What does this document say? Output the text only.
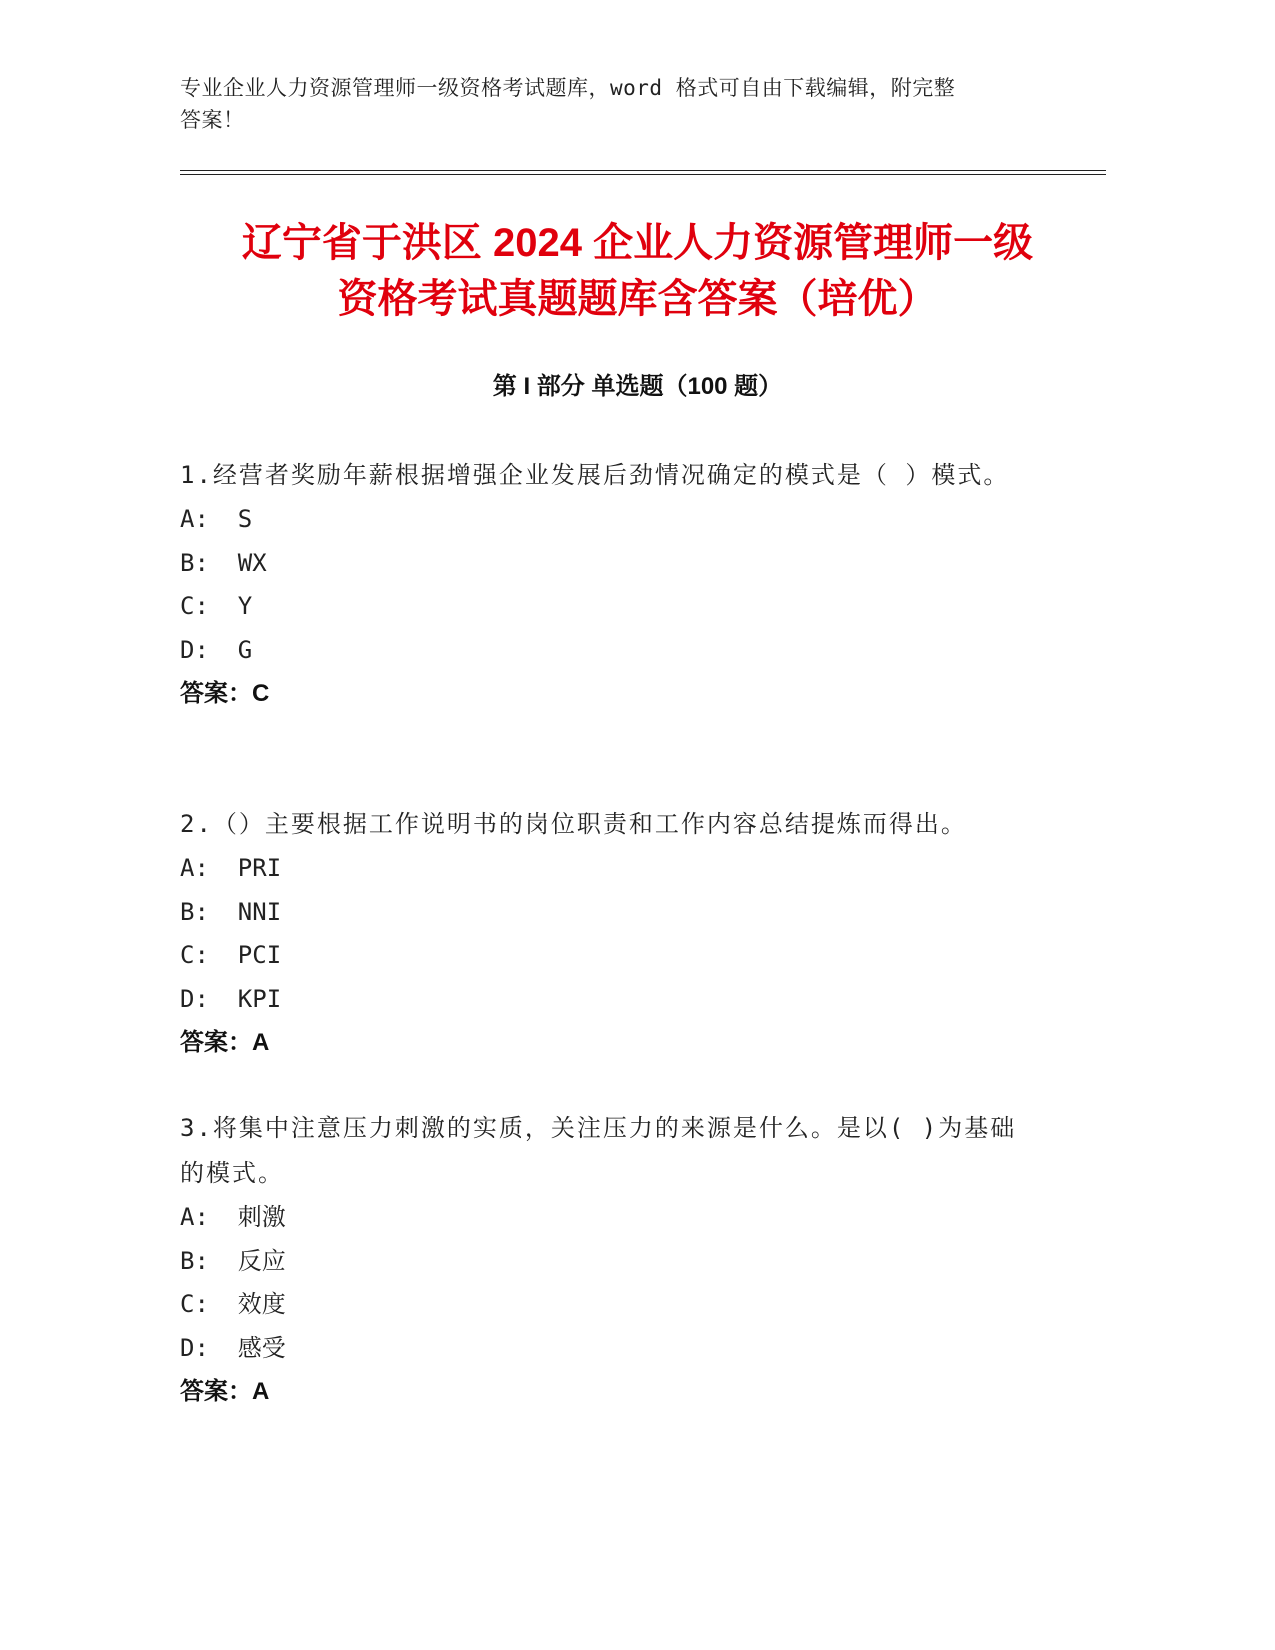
专业企业人力资源管理师一级资格考试题库，word 格式可自由下载编辑，附完整
答案！
辽宁省于洪区 2024 企业人力资源管理师一级
资格考试真题题库含答案（培优）
第 I 部分 单选题（100 题）

1.经营者奖励年薪根据增强企业发展后劲情况确定的模式是（ ）模式。

A:  S
B:  WX
C:  Y
D:  G
答案：C

2.（）主要根据工作说明书的岗位职责和工作内容总结提炼而得出。

A:  PRI
B:  NNI
C:  PCI
D:  KPI
答案：A

3.将集中注意压力刺激的实质，关注压力的来源是什么。是以( )为基础的模式。

A:  刺激
B:  反应
C:  效度
D:  感受
答案：A
